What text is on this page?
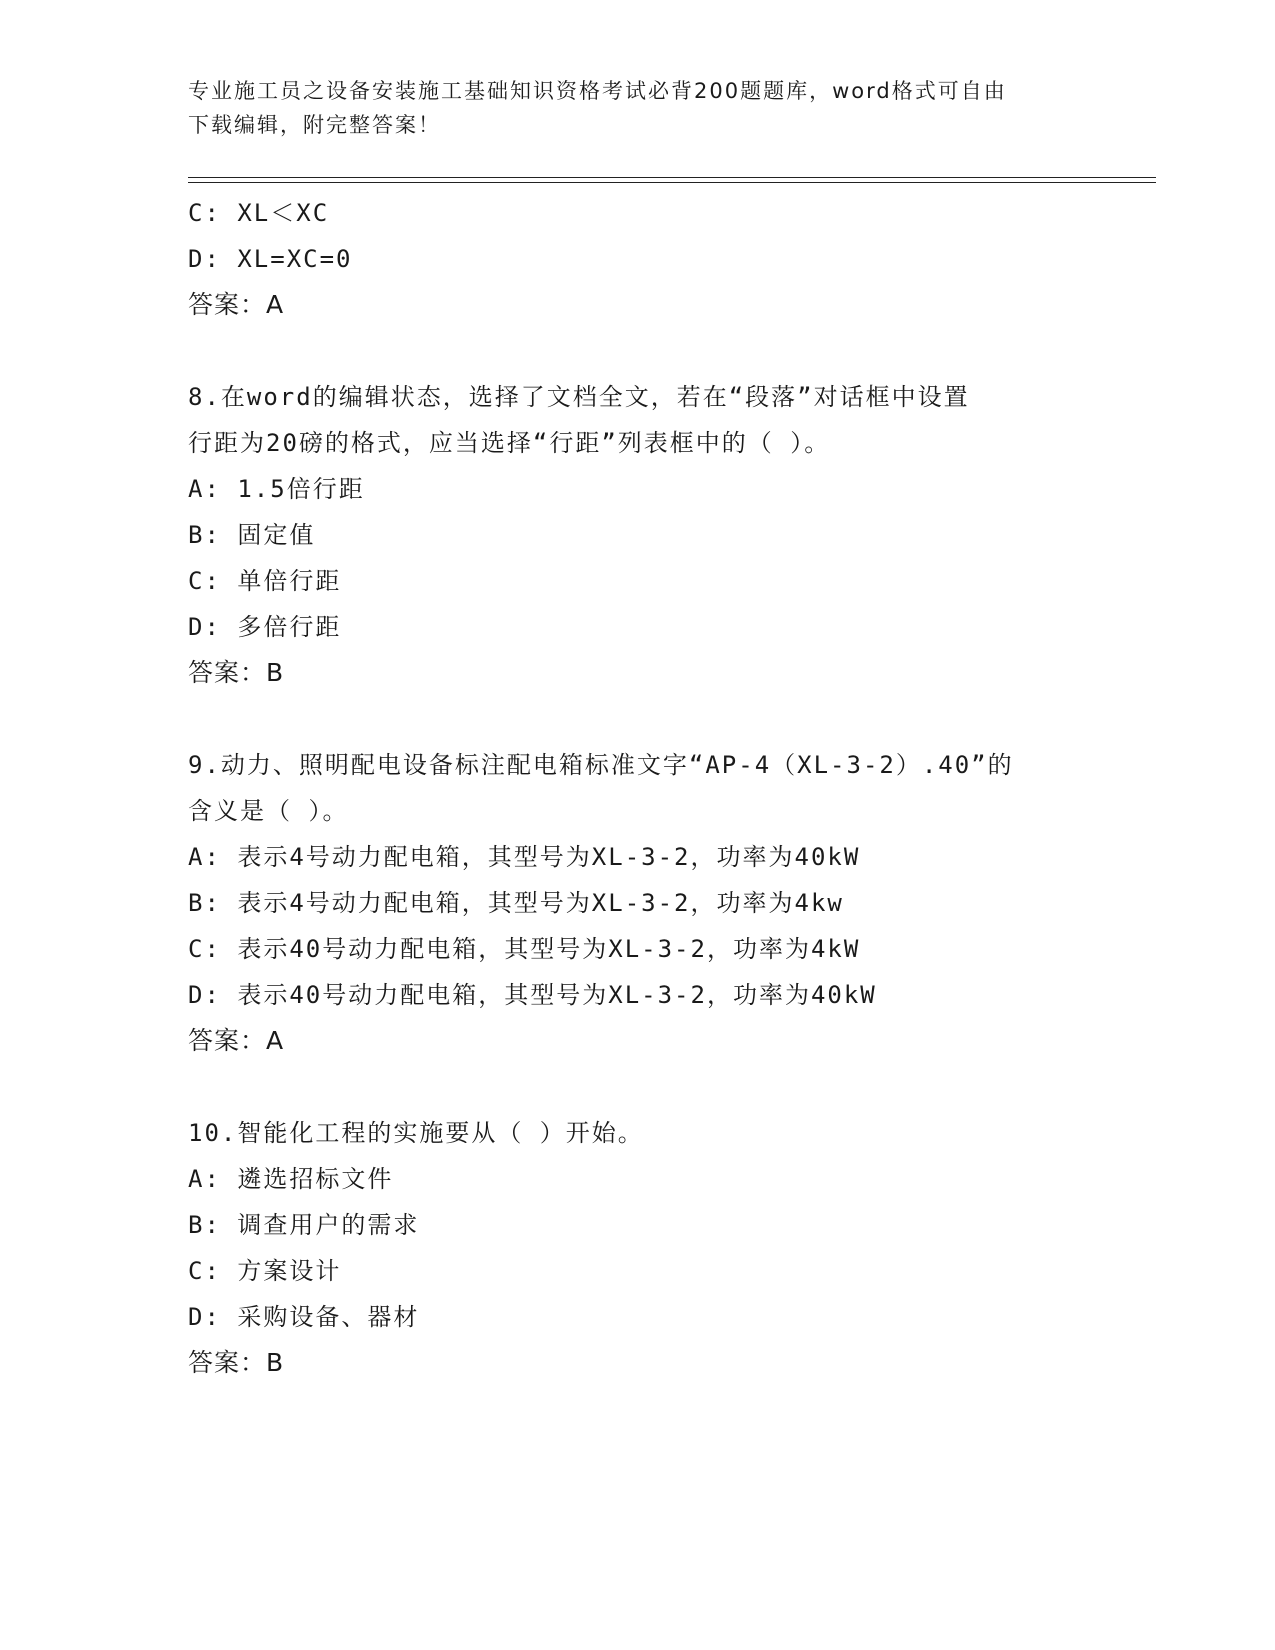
专业施工员之设备安装施工基础知识资格考试必背200题题库，word格式可自由
下载编辑，附完整答案！
C: XL＜XC
D: XL=XC=0
答案：A
8.在word的编辑状态，选择了文档全文，若在“段落”对话框中设置
行距为20磅的格式，应当选择“行距”列表框中的（ ）。
A: 1.5倍行距
B: 固定值
C: 单倍行距
D: 多倍行距
答案：B
9.动力、照明配电设备标注配电箱标准文字“AP-4（XL-3-2）.40”的
含义是（ ）。
A: 表示4号动力配电箱，其型号为XL-3-2，功率为40kW
B: 表示4号动力配电箱，其型号为XL-3-2，功率为4kw
C: 表示40号动力配电箱，其型号为XL-3-2，功率为4kW
D: 表示40号动力配电箱，其型号为XL-3-2，功率为40kW
答案：A
10.智能化工程的实施要从（ ）开始。
A: 遴选招标文件
B: 调查用户的需求
C: 方案设计
D: 采购设备、器材
答案：B
